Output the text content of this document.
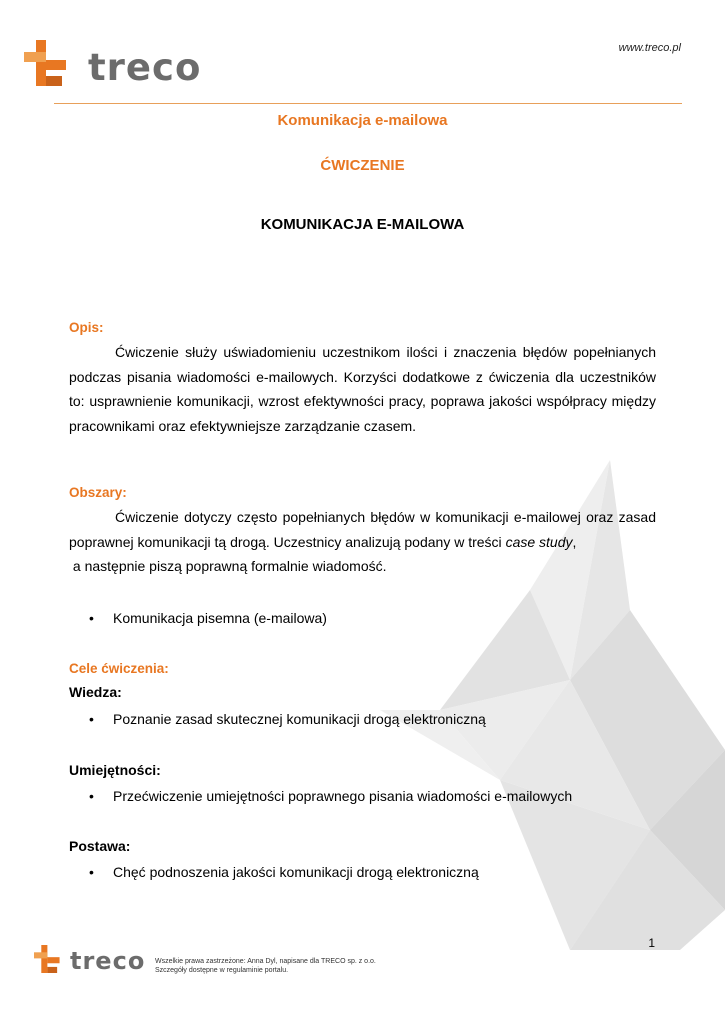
treco	www.treco.pl
Komunikacja e-mailowa
ĆWICZENIE
KOMUNIKACJA E-MAILOWA
Opis:

Ćwiczenie służy uświadomieniu uczestnikom ilości i znaczenia błędów popełnianych podczas pisania wiadomości e-mailowych. Korzyści dodatkowe z ćwiczenia dla uczestników to: usprawnienie komunikacji, wzrost efektywności pracy, poprawa jakości współpracy między pracownikami oraz efektywniejsze zarządzanie czasem.

Obszary:

Ćwiczenie dotyczy często popełnianych błędów w komunikacji e-mailowej oraz zasad poprawnej komunikacji tą drogą. Uczestnicy analizują podany w treści case study,

a następnie piszą poprawną formalnie wiadomość.

• Komunikacja pisemna (e-mailowa)
Cele ćwiczenia:
Wiedza:
• Poznanie zasad skutecznej komunikacji drogą elektroniczną
Umiejętności:
• Przećwiczenie umiejętności poprawnego pisania wiadomości e-mailowych
Postawa:
• Chęć podnoszenia jakości komunikacji drogą elektroniczną
1
treco Wszelkie prawa zastrzeżone: Anna Dyl, napisane dla TRECO sp. z o.o.
Szczegóły dostępne w regulaminie portalu.
